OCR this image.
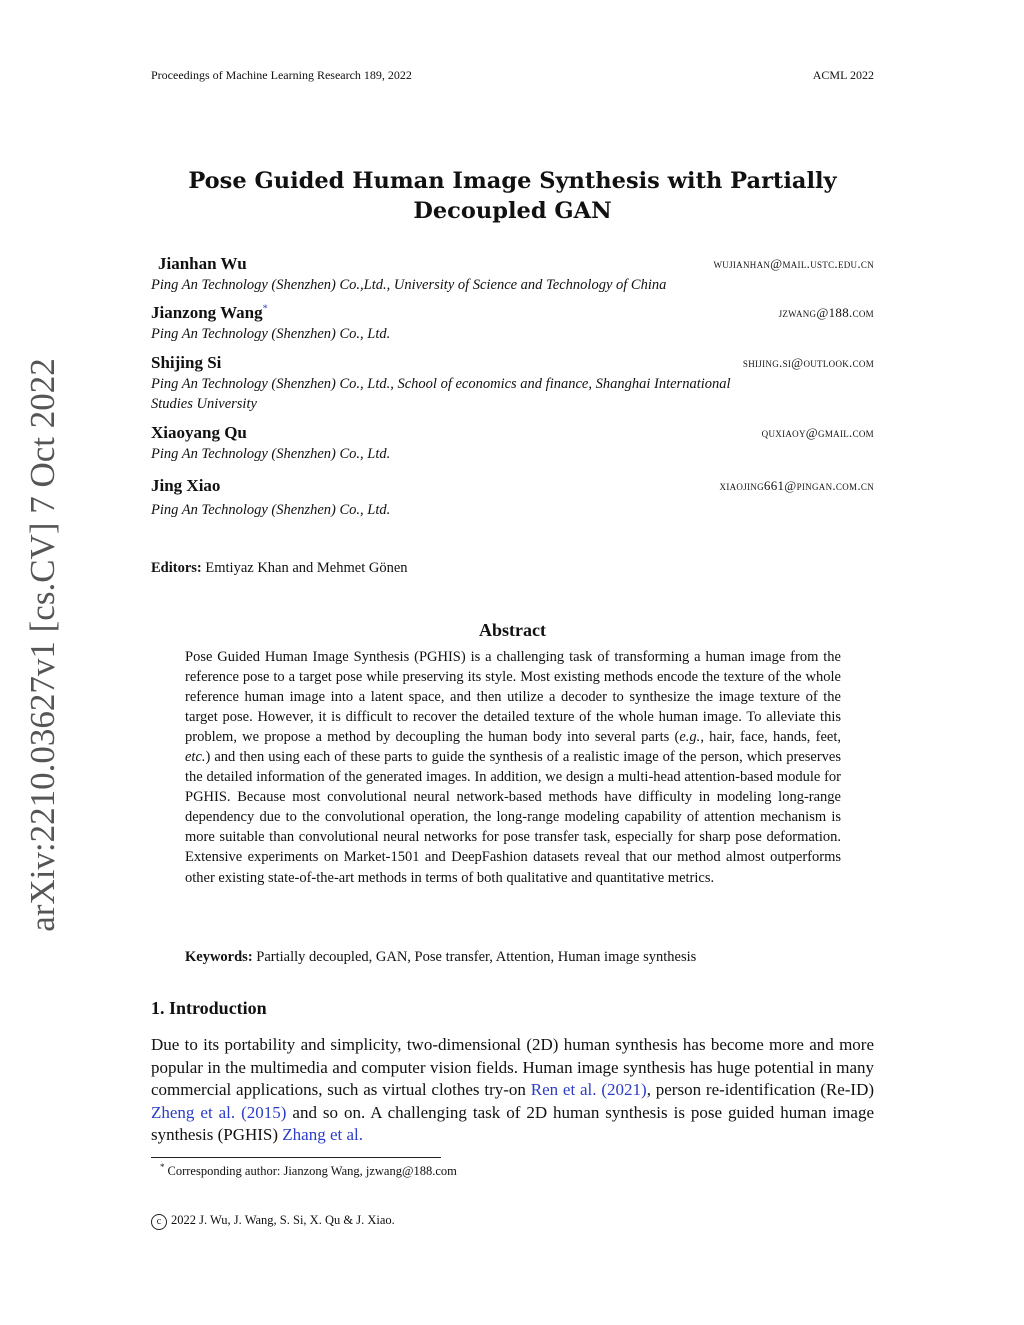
Proceedings of Machine Learning Research 189, 2022	ACML 2022
arXiv:2210.03627v1 [cs.CV] 7 Oct 2022
Pose Guided Human Image Synthesis with Partially
Decoupled GAN
Jianhan Wu	wujianhan@mail.ustc.edu.cn
Ping An Technology (Shenzhen) Co.,Ltd., University of Science and Technology of China
Jianzong Wang*	jzwang@188.com
Ping An Technology (Shenzhen) Co., Ltd.
Shijing Si	shijing.si@outlook.com
Ping An Technology (Shenzhen) Co., Ltd., School of economics and finance, Shanghai International
Studies University
Xiaoyang Qu	quxiaoy@gmail.com
Ping An Technology (Shenzhen) Co., Ltd.
Jing Xiao	xiaojing661@pingan.com.cn
Ping An Technology (Shenzhen) Co., Ltd.
Editors: Emtiyaz Khan and Mehmet Gönen
Abstract

Pose Guided Human Image Synthesis (PGHIS) is a challenging task of transforming a human image from the reference pose to a target pose while preserving its style. Most existing methods encode the texture of the whole reference human image into a latent space, and then utilize a decoder to synthesize the image texture of the target pose. However, it is difficult to recover the detailed texture of the whole human image. To alleviate this problem, we propose a method by decoupling the human body into several parts (e.g., hair, face, hands, feet, etc.) and then using each of these parts to guide the synthesis of a realistic image of the person, which preserves the detailed information of the generated images. In addition, we design a multi-head attention-based module for PGHIS. Because most convolutional neural network-based methods have difficulty in modeling long-range dependency due to the convolutional operation, the long-range modeling capability of attention mechanism is more suitable than convolutional neural networks for pose transfer task, especially for sharp pose deformation. Extensive experiments on Market-1501 and DeepFashion datasets reveal that our method almost outperforms other existing state-of-the-art methods in terms of both qualitative and quantitative metrics.

Keywords: Partially decoupled, GAN, Pose transfer, Attention, Human image synthesis
1. Introduction
Due to its portability and simplicity, two-dimensional (2D) human synthesis has become more and more popular in the multimedia and computer vision fields. Human image synthesis has huge potential in many commercial applications, such as virtual clothes try-on Ren et al. (2021), person re-identification (Re-ID) Zheng et al. (2015) and so on. A challenging task of 2D human synthesis is pose guided human image synthesis (PGHIS) Zhang et al.
* Corresponding author: Jianzong Wang, jzwang@188.com
c 2022 J. Wu, J. Wang, S. Si, X. Qu & J. Xiao.
